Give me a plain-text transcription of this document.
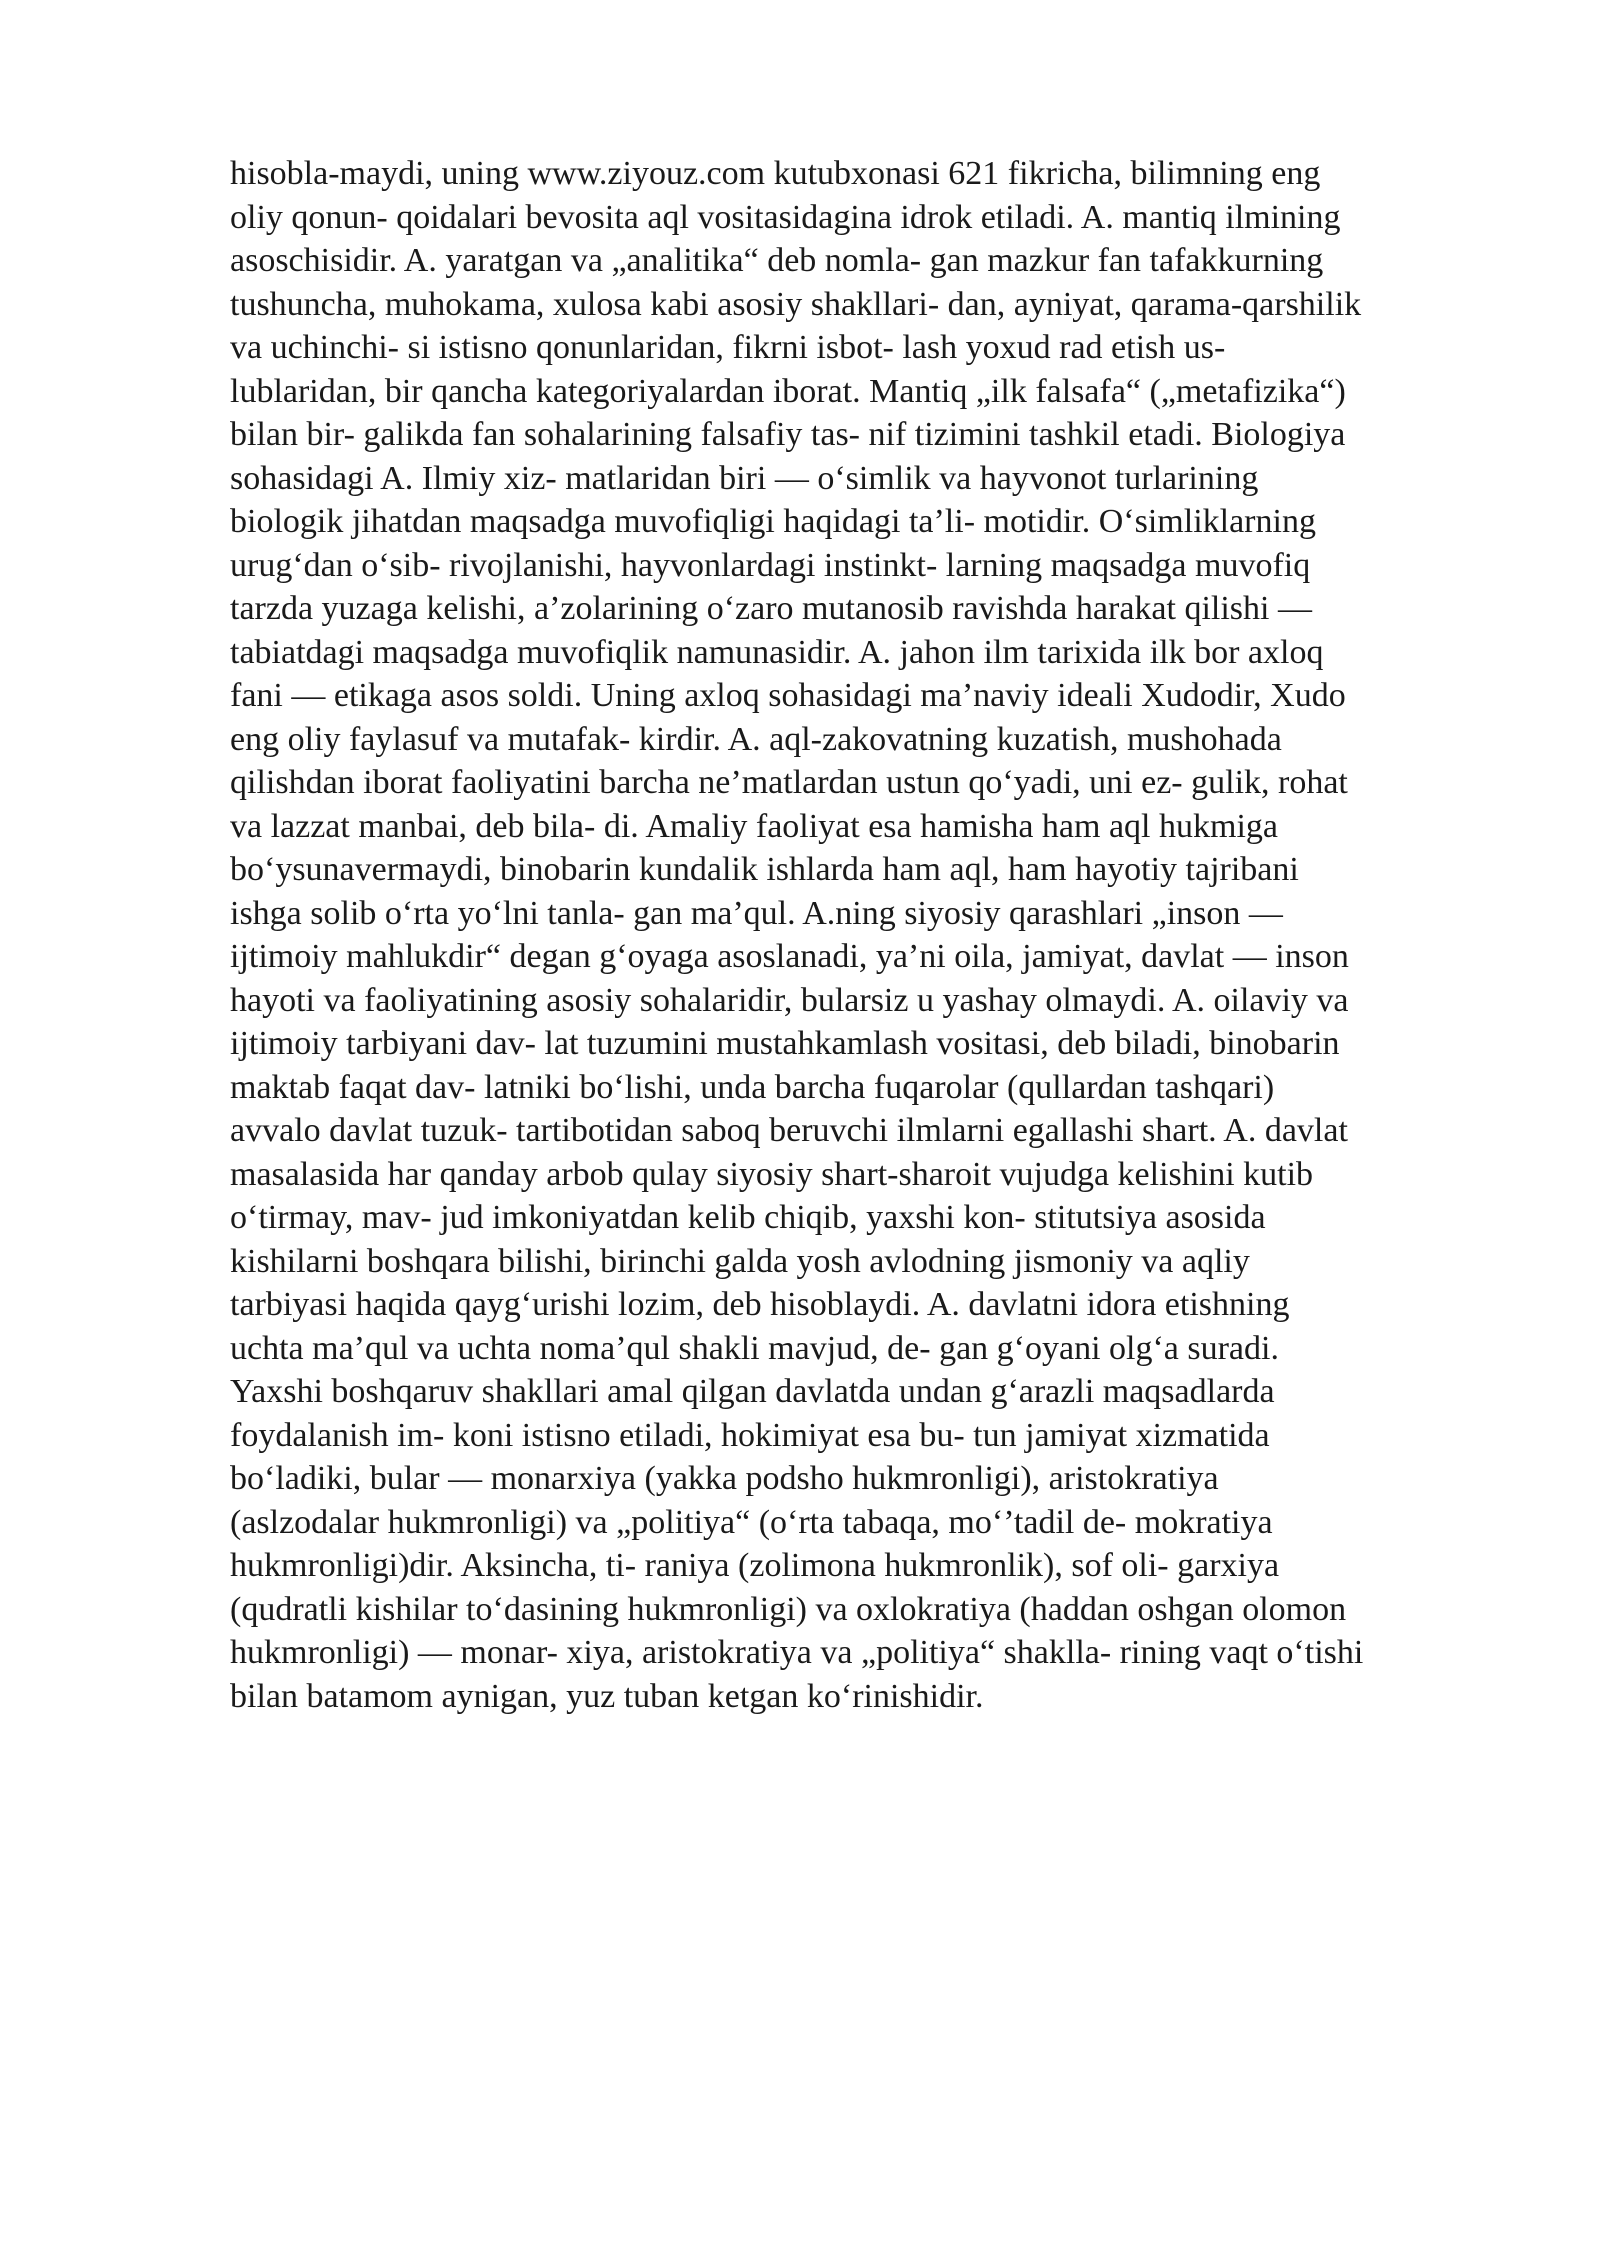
hisobla-maydi, uning www.ziyouz.com kutubxonasi 621 fikricha, bilimning eng
oliy qonun- qoidalari bevosita aql vositasidagina idrok etiladi. A. mantiq ilmining
asoschisidir. A. yaratgan va „analitika“ deb nomla- gan mazkur fan tafakkurning
tushuncha, muhokama, xulosa kabi asosiy shakllari- dan, ayniyat, qarama-qarshilik
va uchinchi- si istisno qonunlaridan, fikrni isbot- lash yoxud rad etish us-
lublaridan, bir qancha kategoriyalardan iborat. Mantiq „ilk falsafa“ („metafizika“)
bilan bir- galikda fan sohalarining falsafiy tas- nif tizimini tashkil etadi. Biologiya
sohasidagi A. Ilmiy xiz- matlaridan biri — oʻsimlik va hayvonot turlarining
biologik jihatdan maqsadga muvofiqligi haqidagi ta’li- motidir. Oʻsimliklarning
urugʻdan oʻsib- rivojlanishi, hayvonlardagi instinkt- larning maqsadga muvofiq
tarzda yuzaga kelishi, a’zolarining oʻzaro mutanosib ravishda harakat qilishi —
tabiatdagi maqsadga muvofiqlik namunasidir. A. jahon ilm tarixida ilk bor axloq
fani — etikaga asos soldi. Uning axloq sohasidagi ma’naviy ideali Xudodir, Xudo
eng oliy faylasuf va mutafak- kirdir. A. aql-zakovatning kuzatish, mushohada
qilishdan iborat faoliyatini barcha ne’matlardan ustun qoʻyadi, uni ez- gulik, rohat
va lazzat manbai, deb bila- di. Amaliy faoliyat esa hamisha ham aql hukmiga
boʻysunavermaydi, binobarin kundalik ishlarda ham aql, ham hayotiy tajribani
ishga solib oʻrta yoʻlni tanla- gan ma’qul. A.ning siyosiy qarashlari „inson —
ijtimoiy mahlukdir“ degan gʻoyaga asoslanadi, ya’ni oila, jamiyat, davlat — inson
hayoti va faoliyatining asosiy sohalaridir, bularsiz u yashay olmaydi. A. oilaviy va
ijtimoiy tarbiyani dav- lat tuzumini mustahkamlash vositasi, deb biladi, binobarin
maktab faqat dav- latniki boʻlishi, unda barcha fuqarolar (qullardan tashqari)
avvalo davlat tuzuk- tartibotidan saboq beruvchi ilmlarni egallashi shart. A. davlat
masalasida har qanday arbob qulay siyosiy shart-sharoit vujudga kelishini kutib
oʻtirmay, mav- jud imkoniyatdan kelib chiqib, yaxshi kon- stitutsiya asosida
kishilarni boshqara bilishi, birinchi galda yosh avlodning jismoniy va aqliy
tarbiyasi haqida qaygʻurishi lozim, deb hisoblaydi. A. davlatni idora etishning
uchta ma’qul va uchta noma’qul shakli mavjud, de- gan gʻoyani olgʻa suradi.
Yaxshi boshqaruv shakllari amal qilgan davlatda undan gʻarazli maqsadlarda
foydalanish im- koni istisno etiladi, hokimiyat esa bu- tun jamiyat xizmatida
boʻladiki, bular — monarxiya (yakka podsho hukmronligi), aristokratiya
(aslzodalar hukmronligi) va „politiya“ (oʻrta tabaqa, moʻ’tadil de- mokratiya
hukmronligi)dir. Aksincha, ti- raniya (zolimona hukmronlik), sof oli- garxiya
(qudratli kishilar toʻdasining hukmronligi) va oxlokratiya (haddan oshgan olomon
hukmronligi) — monar- xiya, aristokratiya va „politiya“ shaklla- rining vaqt oʻtishi
bilan batamom aynigan, yuz tuban ketgan koʻrinishidir.
